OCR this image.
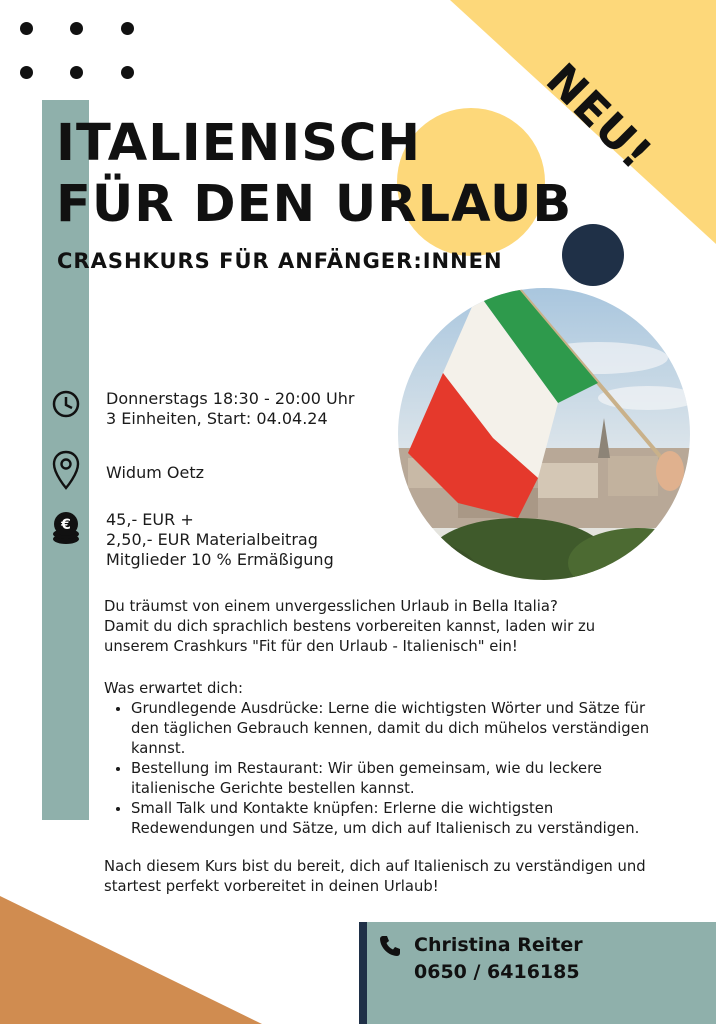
NEU!
ITALIENISCH
FÜR DEN URLAUB
CRASHKURS FÜR ANFÄNGER:INNEN
Donnerstags 18:30 - 20:00 Uhr
3 Einheiten, Start: 04.04.24
Widum Oetz
€ 45,- EUR +
2,50,- EUR Materialbeitrag
Mitglieder 10 % Ermäßigung

Du träumst von einem unvergesslichen Urlaub in Bella Italia?

Damit du dich sprachlich bestens vorbereiten kannst, laden wir zu

unserem Crashkurs "Fit für den Urlaub - Italienisch" ein!

Was erwartet dich:

• Grundlegende Ausdrücke: Lerne die wichtigsten Wörter und Sätze für
den täglichen Gebrauch kennen, damit du dich mühelos verständigen
kannst.
• Bestellung im Restaurant: Wir üben gemeinsam, wie du leckere
italienische Gerichte bestellen kannst.
• Small Talk und Kontakte knüpfen: Erlerne die wichtigsten
Redewendungen und Sätze, um dich auf Italienisch zu verständigen.

Nach diesem Kurs bist du bereit, dich auf Italienisch zu verständigen und

startest perfekt vorbereitet in deinen Urlaub!

Christina Reiter
0650 / 6416185
